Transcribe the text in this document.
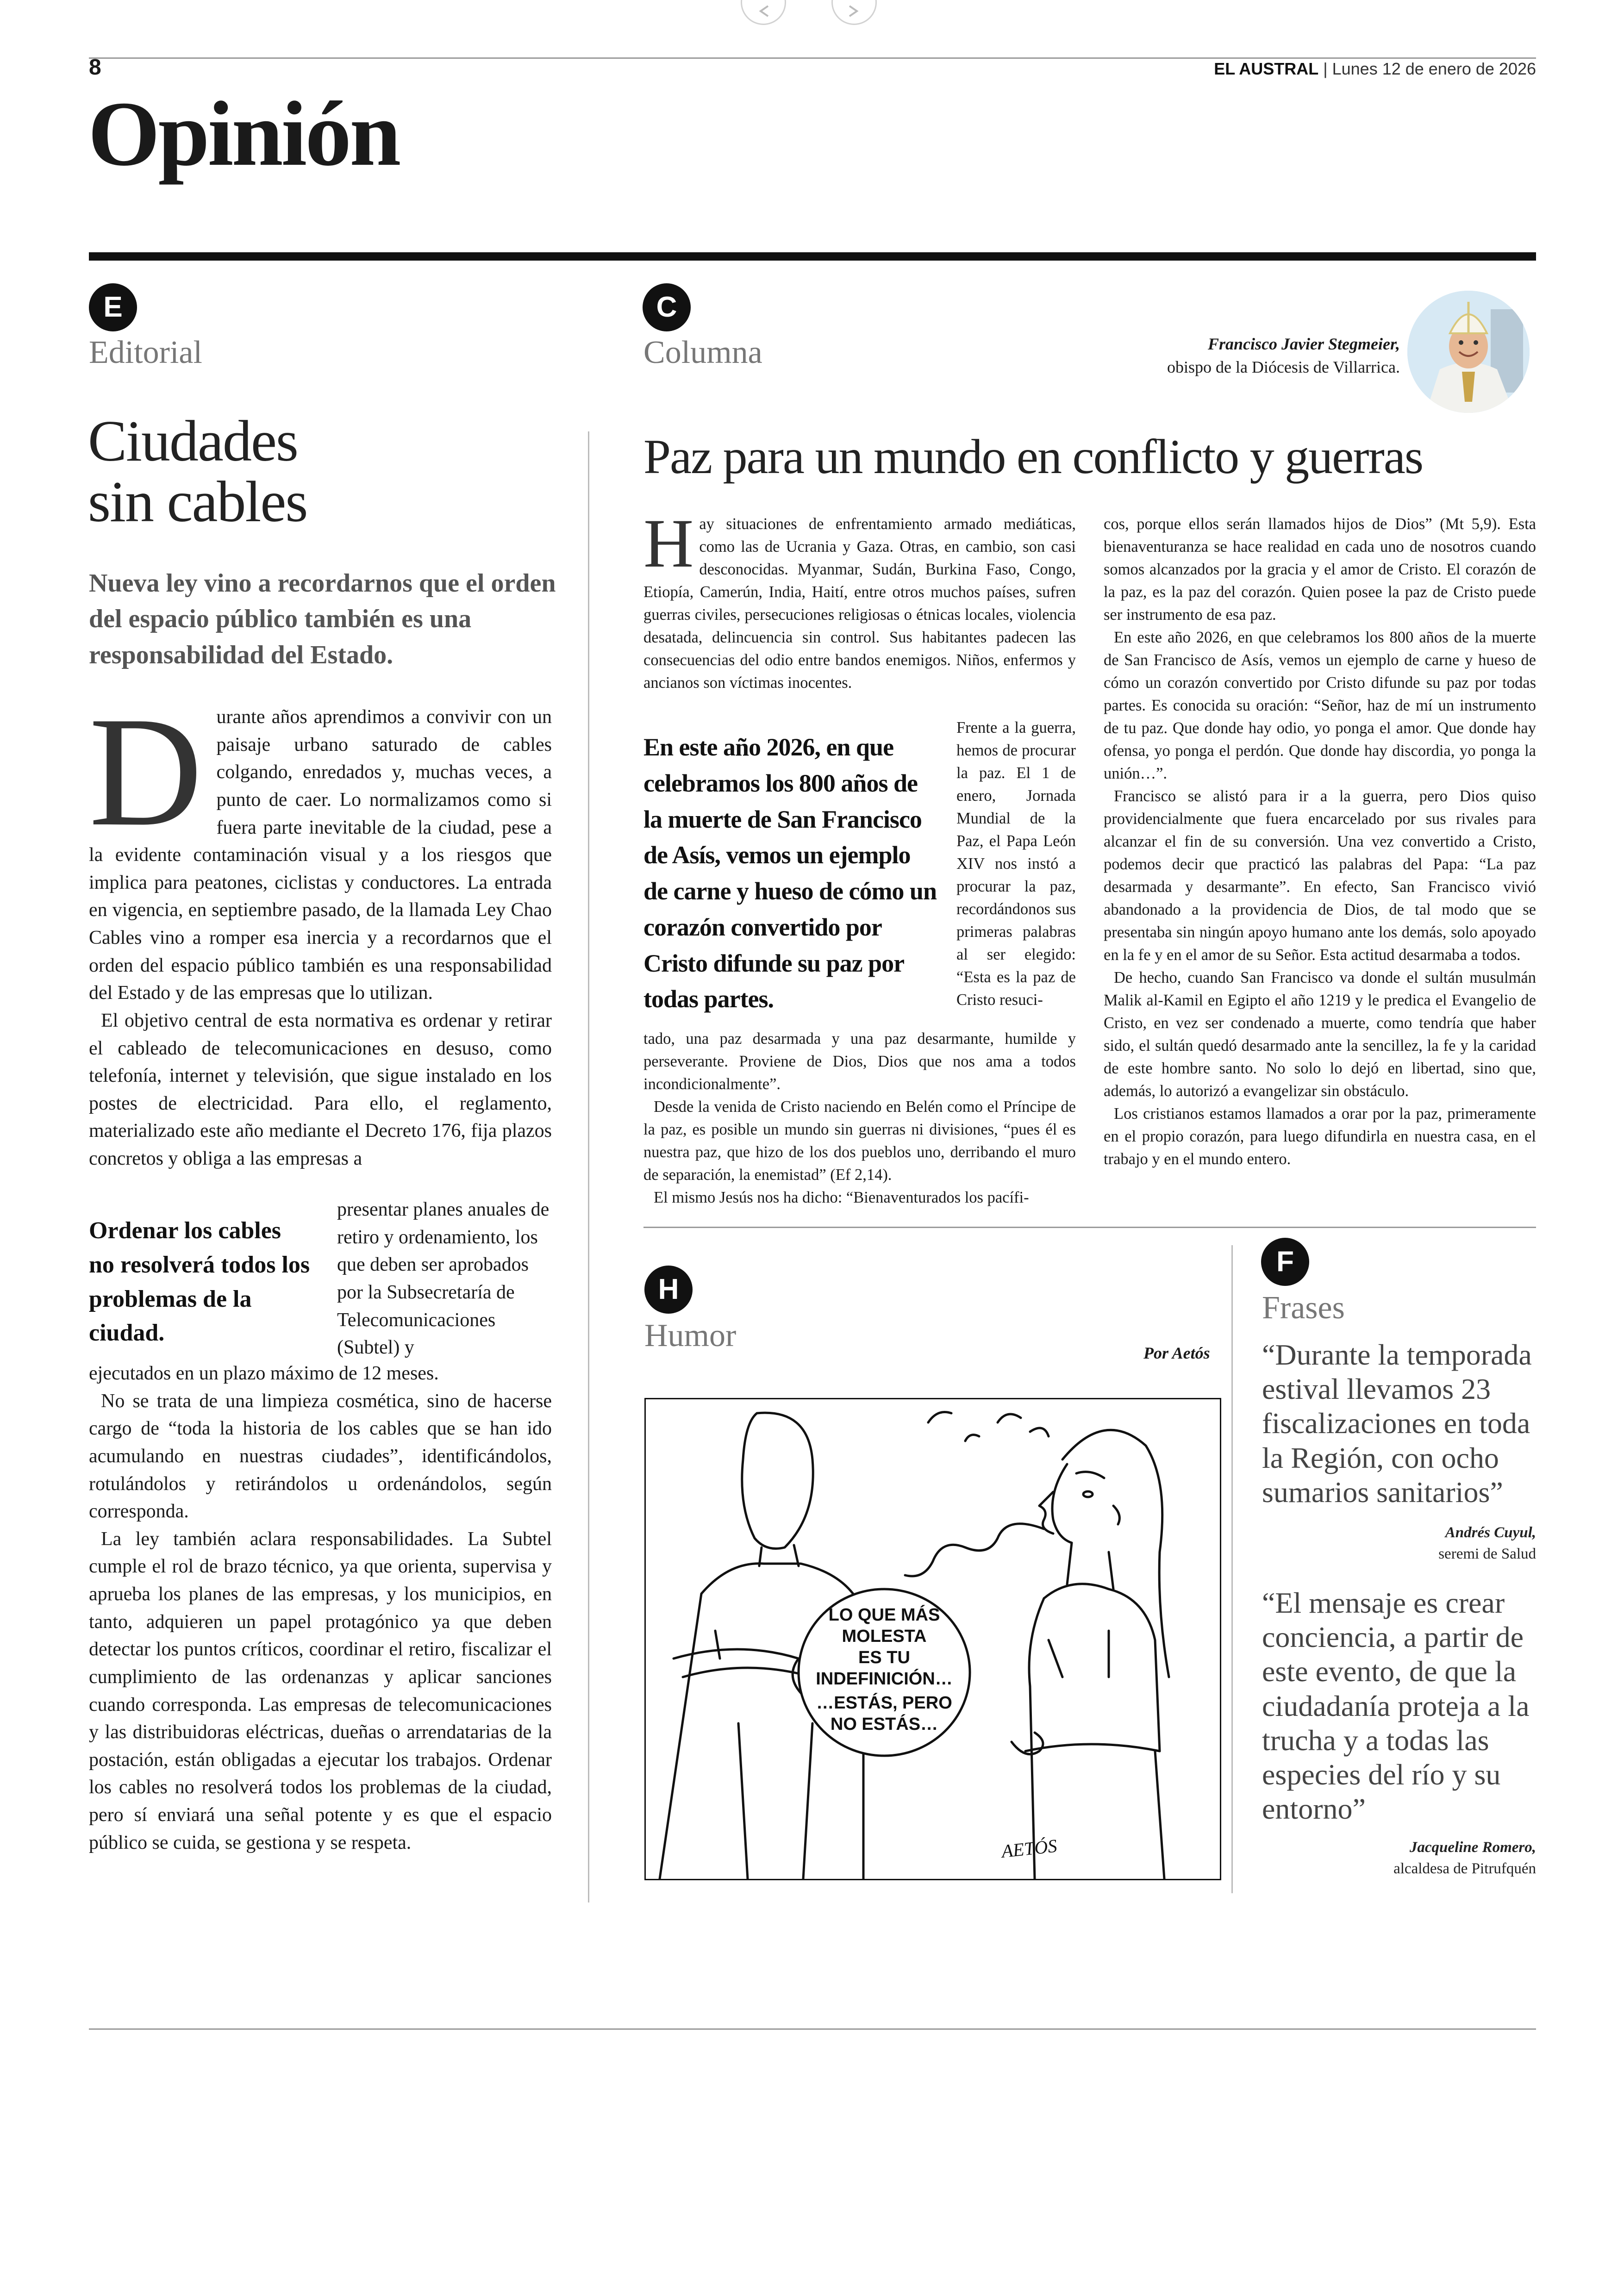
8	EL AUSTRAL | Lunes 12 de enero de 2026
Opinión
E
Editorial
Ciudades
sin cables
Nueva ley vino a recordarnos que el orden del espacio público también es una responsabilidad del Estado.

Durante años aprendimos a convivir con un paisaje urbano saturado de cables colgando, enredados y, muchas veces, a punto de caer. Lo normalizamos como si fuera parte inevitable de la ciudad, pese a la evidente contaminación visual y a los riesgos que implica para peatones, ciclistas y conductores. La entrada en vigencia, en septiembre pasado, de la llamada Ley Chao Cables vino a romper esa inercia y a recordarnos que el orden del espacio público también es una responsabilidad del Estado y de las empresas que lo utilizan.

El objetivo central de esta normativa es ordenar y retirar el cableado de telecomunicaciones en desuso, como telefonía, internet y televisión, que sigue instalado en los postes de electricidad. Para ello, el reglamento, materializado este año mediante el Decreto 176, fija plazos concretos y obliga a las empresas a

Ordenar los cables no resolverá todos los problemas de la ciudad.
presentar planes anuales de retiro y ordenamiento, los que deben ser aprobados por la Subsecretaría de Telecomunicaciones (Subtel) y

ejecutados en un plazo máximo de 12 meses.

No se trata de una limpieza cosmética, sino de hacerse cargo de “toda la historia de los cables que se han ido acumulando en nuestras ciudades”, identificándolos, rotulándolos y retirándolos u ordenándolos, según corresponda.

La ley también aclara responsabilidades. La Subtel cumple el rol de brazo técnico, ya que orienta, supervisa y aprueba los planes de las empresas, y los municipios, en tanto, adquieren un papel protagónico ya que deben detectar los puntos críticos, coordinar el retiro, fiscalizar el cumplimiento de las ordenanzas y aplicar sanciones cuando corresponda. Las empresas de telecomunicaciones y las distribuidoras eléctricas, dueñas o arrendatarias de la postación, están obligadas a ejecutar los trabajos. Ordenar los cables no resolverá todos los problemas de la ciudad, pero sí enviará una señal potente y es que el espacio público se cuida, se gestiona y se respeta.

C
Columna	Francisco Javier Stegmeier,
obispo de la Diócesis de Villarrica.
Paz para un mundo en conflicto y guerras

Hay situaciones de enfrentamiento armado mediáticas, como las de Ucrania y Gaza. Otras, en cambio, son casi desconocidas. Myanmar, Sudán, Burkina Faso, Congo, Etiopía, Camerún, India, Haití, entre otros muchos países, sufren guerras civiles, persecuciones religiosas o étnicas locales, violencia desatada, delincuencia sin control. Sus habitantes padecen las consecuencias del odio entre bandos enemigos. Niños, enfermos y ancianos son víctimas inocentes.

En este año 2026, en que celebramos los 800 años de la muerte de San Francisco de Asís, vemos un ejemplo de carne y hueso de cómo un corazón convertido por Cristo difunde su paz por todas partes.
Frente a la guerra, hemos de procurar la paz. El 1 de enero, Jornada Mundial de la Paz, el Papa León XIV nos instó a procurar la paz, recordándonos sus primeras palabras al ser elegido: “Esta es la paz de Cristo resuci-

tado, una paz desarmada y una paz desarmante, humilde y perseverante. Proviene de Dios, Dios que nos ama a todos incondicionalmente”.

Desde la venida de Cristo naciendo en Belén como el Príncipe de la paz, es posible un mundo sin guerras ni divisiones, “pues él es nuestra paz, que hizo de los dos pueblos uno, derribando el muro de separación, la enemistad” (Ef 2,14).

El mismo Jesús nos ha dicho: “Bienaventurados los pacífi-

cos, porque ellos serán llamados hijos de Dios” (Mt 5,9). Esta bienaventuranza se hace realidad en cada uno de nosotros cuando somos alcanzados por la gracia y el amor de Cristo. El corazón de la paz, es la paz del corazón. Quien posee la paz de Cristo puede ser instrumento de esa paz.

En este año 2026, en que celebramos los 800 años de la muerte de San Francisco de Asís, vemos un ejemplo de carne y hueso de cómo un corazón convertido por Cristo difunde su paz por todas partes. Es conocida su oración: “Señor, haz de mí un instrumento de tu paz. Que donde hay odio, yo ponga el amor. Que donde hay ofensa, yo ponga el perdón. Que donde hay discordia, yo ponga la unión…”.

Francisco se alistó para ir a la guerra, pero Dios quiso providencialmente que fuera encarcelado por sus rivales para alcanzar el fin de su conversión. Una vez convertido a Cristo, podemos decir que practicó las palabras del Papa: “La paz desarmada y desarmante”. En efecto, San Francisco vivió abandonado a la providencia de Dios, de tal modo que se presentaba sin ningún apoyo humano ante los demás, solo apoyado en la fe y en el amor de su Señor. Esta actitud desarmaba a todos.

De hecho, cuando San Francisco va donde el sultán musulmán Malik al-Kamil en Egipto el año 1219 y le predica el Evangelio de Cristo, en vez ser condenado a muerte, como tendría que haber sido, el sultán quedó desarmado ante la sencillez, la fe y la caridad de este hombre santo. No solo lo dejó en libertad, sino que, además, lo autorizó a evangelizar sin obstáculo.

Los cristianos estamos llamados a orar por la paz, primeramente en el propio corazón, para luego difundirla en nuestra casa, en el trabajo y en el mundo entero.

H
Humor	Por Aetós
LO QUE MÁS
MOLESTA
ES TU
INDEFINICIÓN…
…ESTÁS, PERO
NO ESTÁS…
AETÓS
F
Frases
“Durante la temporada estival llevamos 23 fiscalizaciones en toda la Región, con ocho sumarios sanitarios”
Andrés Cuyul,
seremi de Salud
“El mensaje es crear conciencia, a partir de este evento, de que la ciudadanía proteja a la trucha y a todas las especies del río y su entorno”
Jacqueline Romero,
alcaldesa de Pitrufquén
